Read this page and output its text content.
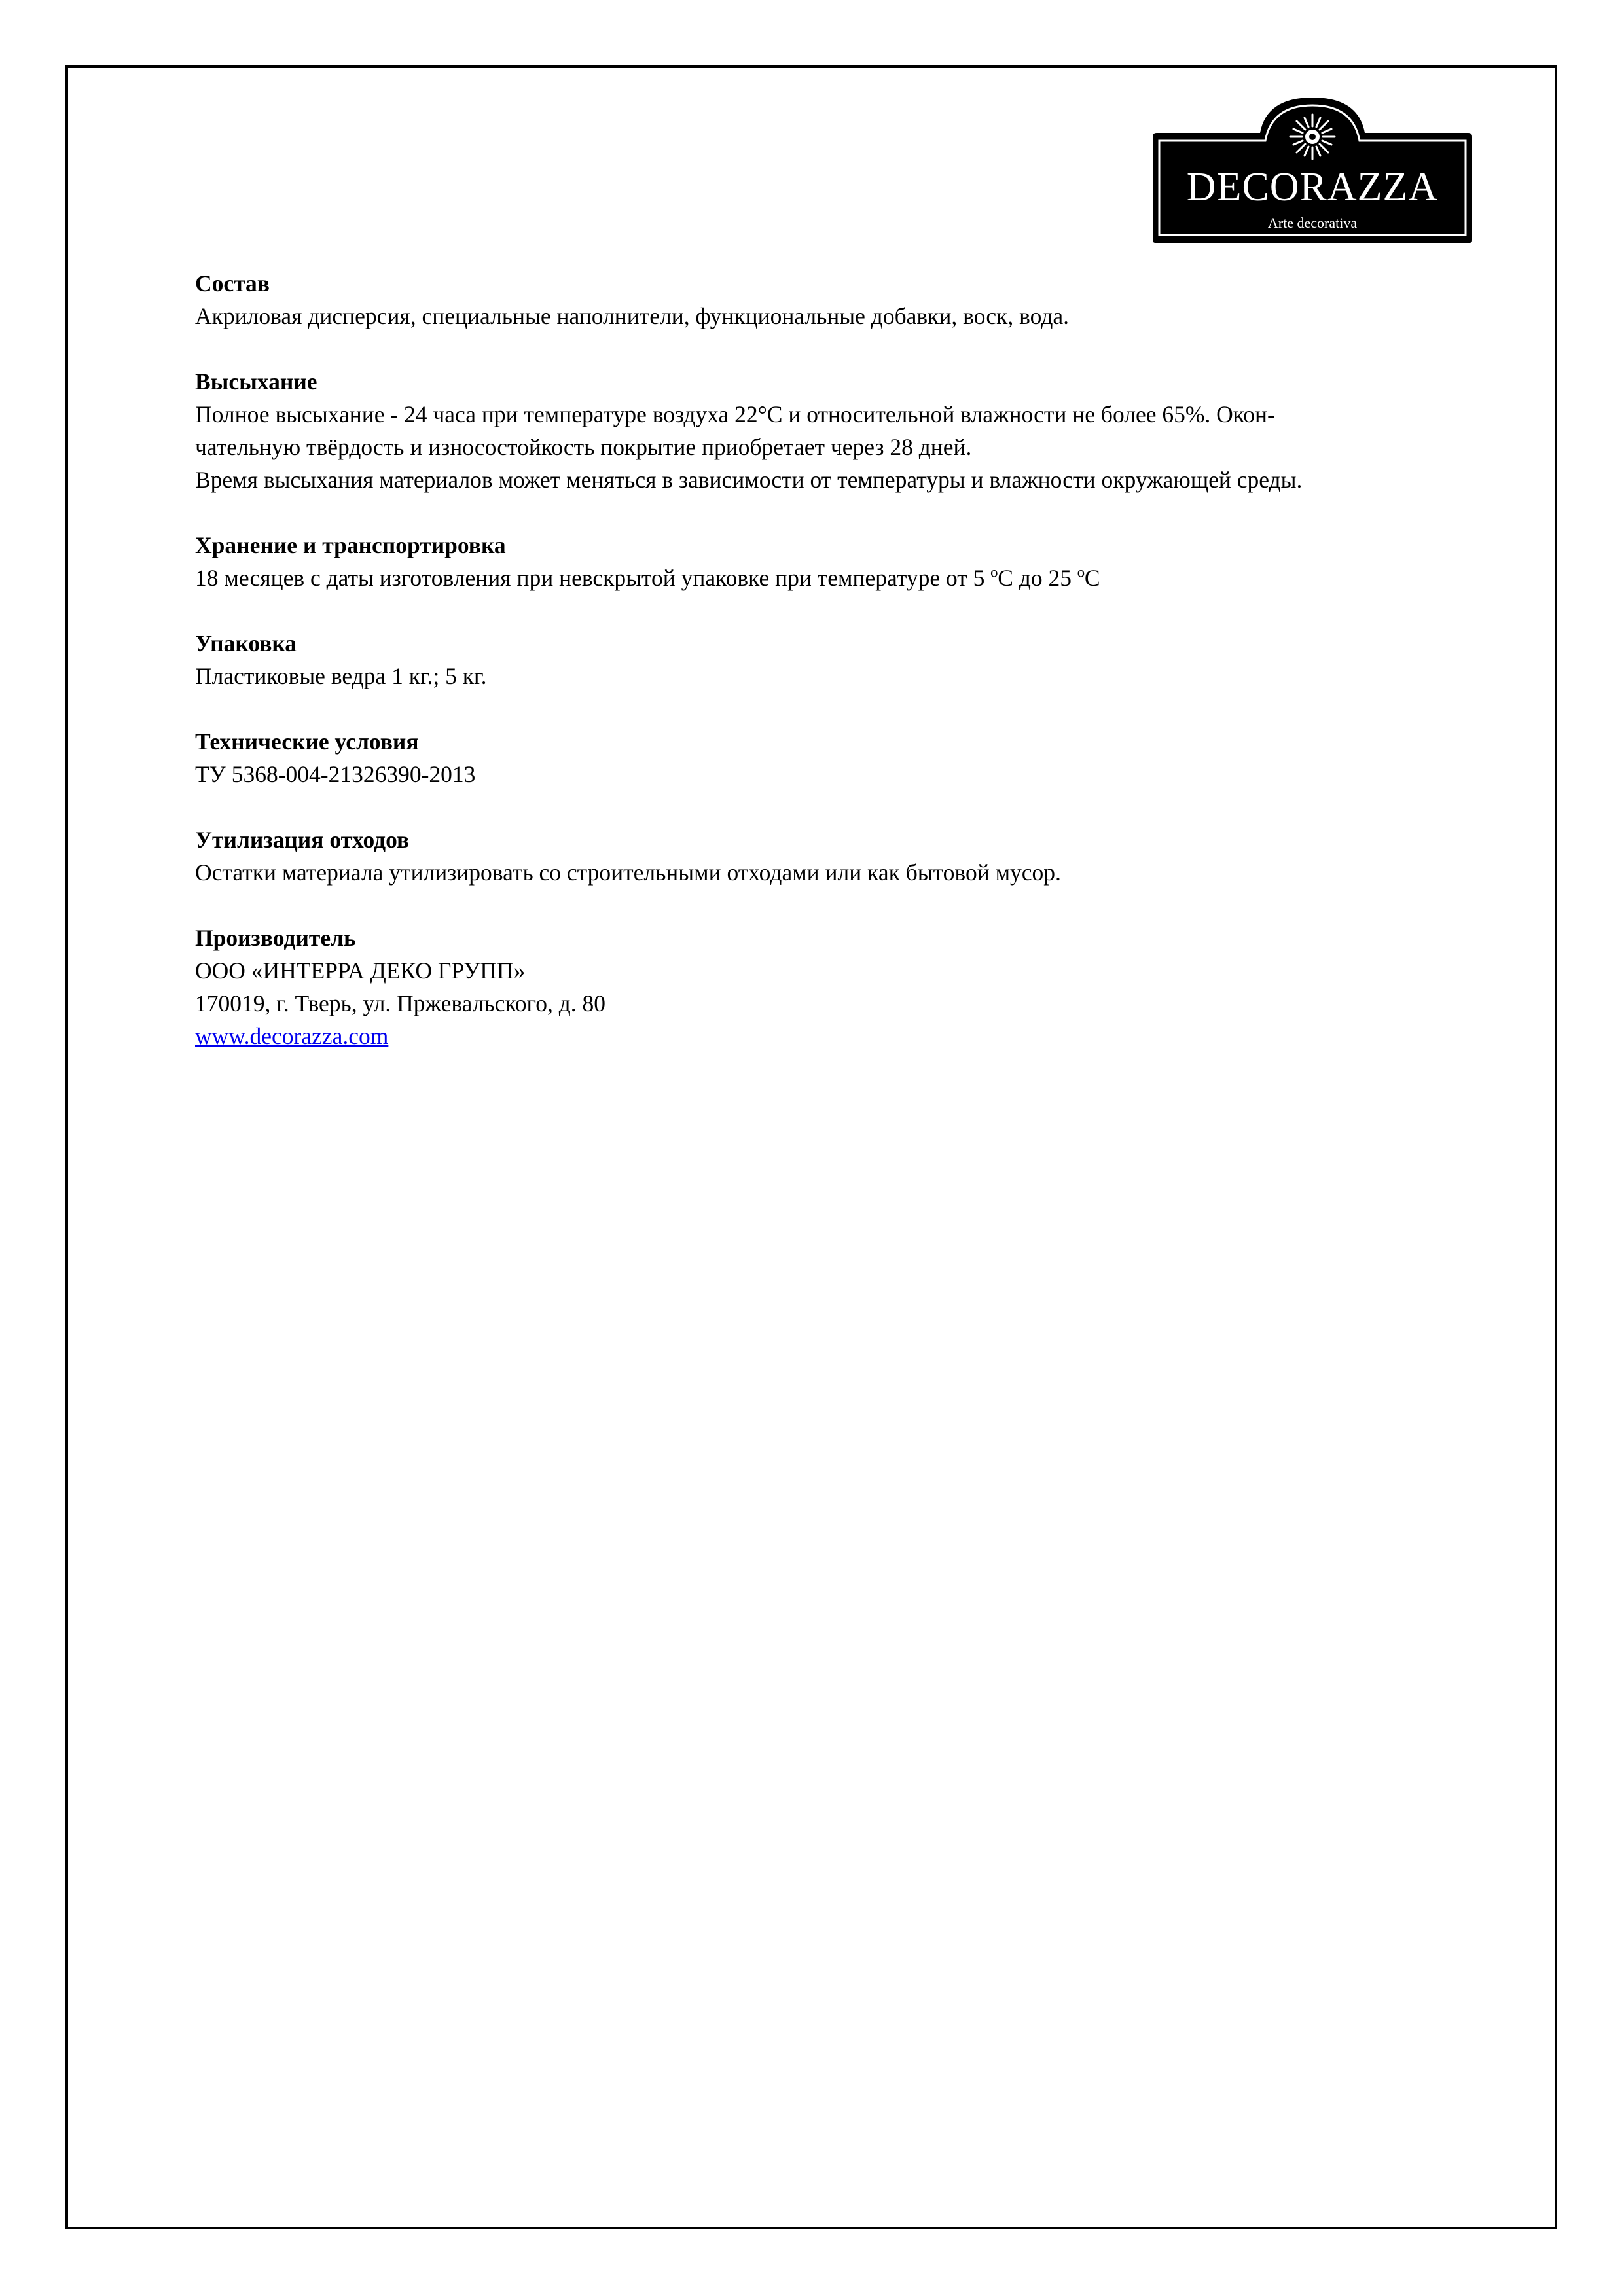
DECORAZZA
Arte decorativa

Состав

Акриловая дисперсия, специальные наполнители, функциональные добавки, воск, вода.

Высыхание

Полное высыхание - 24 часа при температуре воздуха 22°С и относительной влажности не более 65%. Окон-

чательную твёрдость и износостойкость покрытие приобретает через 28 дней.

Время высыхания материалов может меняться в зависимости от температуры и влажности окружающей среды.

Хранение и транспортировка

18 месяцев с даты изготовления при невскрытой упаковке при температуре от 5 ºС до 25 ºС

Упаковка

Пластиковые ведра 1 кг.; 5 кг.

Технические условия

ТУ 5368-004-21326390-2013

Утилизация отходов

Остатки материала утилизировать со строительными отходами или как бытовой мусор.

Производитель

ООО «ИНТЕРРА ДЕКО ГРУПП»

170019, г. Тверь, ул. Пржевальского, д. 80

www.decorazza.com
